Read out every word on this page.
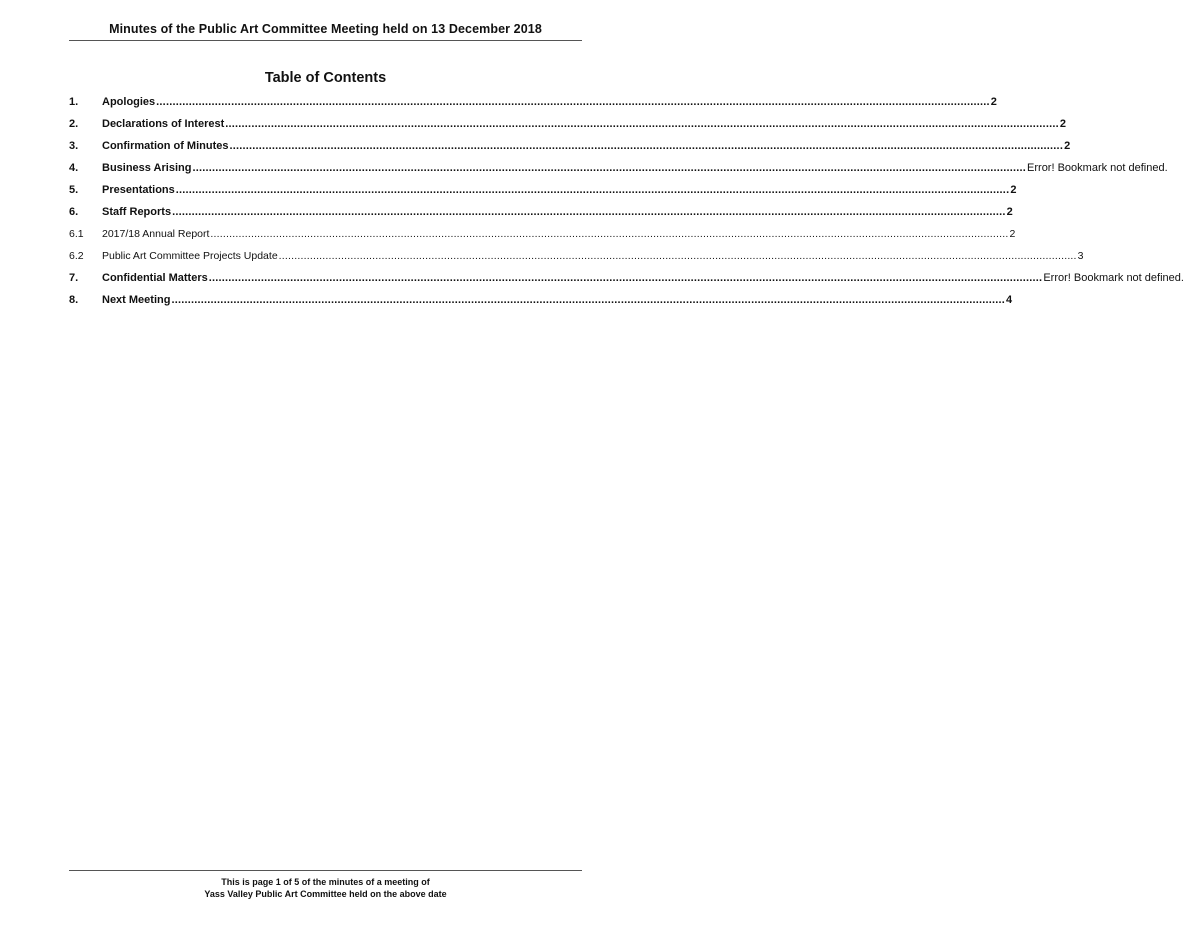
Minutes of the Public Art Committee Meeting held on 13 December 2018
Table of Contents
1.	Apologies .....	2
2.	Declarations of Interest .....	2
3.	Confirmation of Minutes .....	2
4.	Business Arising .....	Error! Bookmark not defined.
5.	Presentations .....	2
6.	Staff Reports .....	2
6.1	2017/18 Annual Report .....	2
6.2	Public Art Committee Projects Update .....	3
7.	Confidential Matters .....	Error! Bookmark not defined.
8.	Next Meeting .....	4
This is page 1 of 5 of the minutes of a meeting of
Yass Valley Public Art Committee held on the above date
